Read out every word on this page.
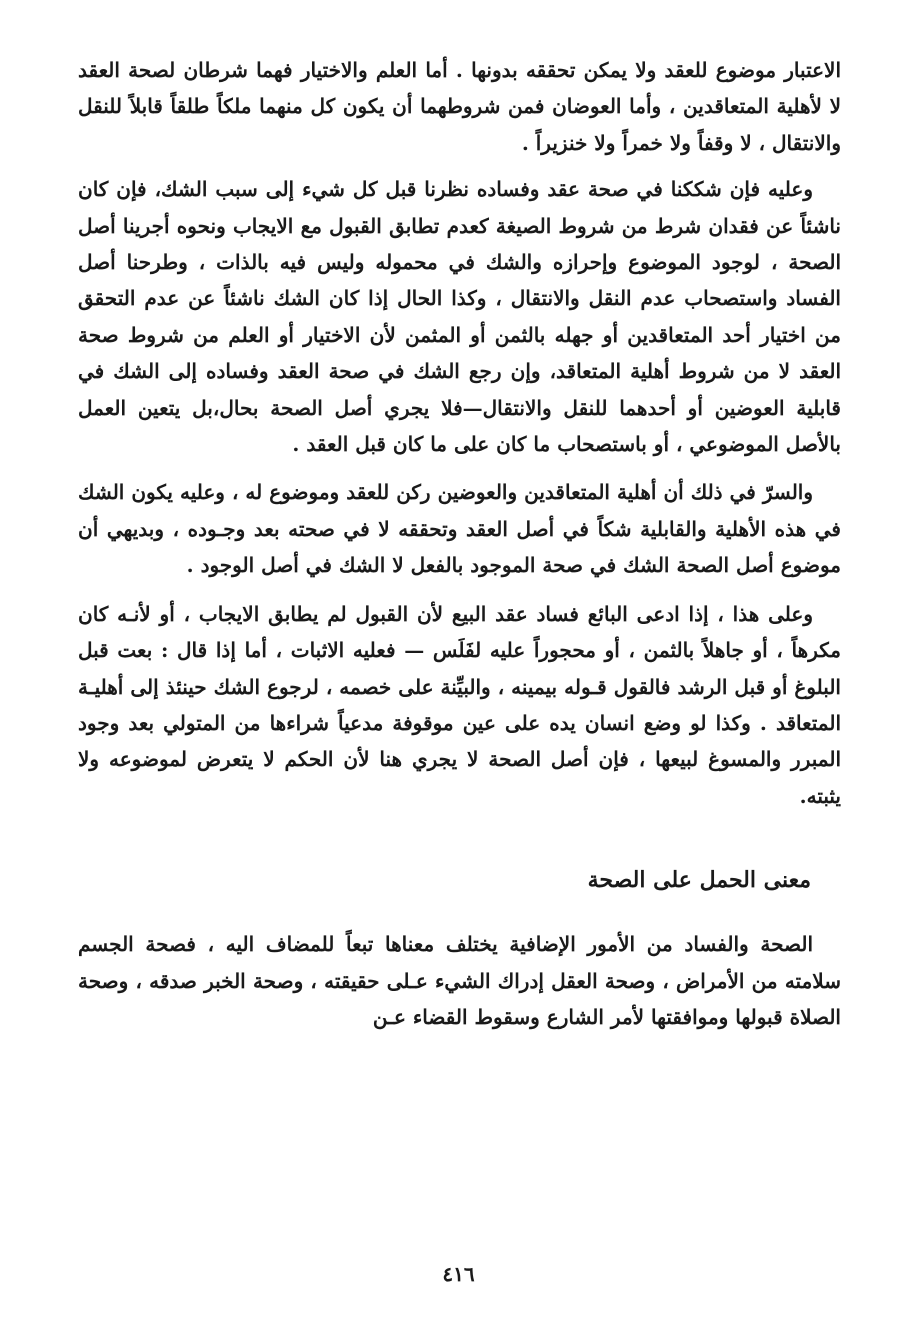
الاعتبار موضوع للعقد ولا يمكن تحققه بدونها . أما العلم والاختيار فهما شرطان لصحة العقد لا لأهلية المتعاقدين ، وأما العوضان فمن شروطهما أن يكون كل منهما ملكاً طلقاً قابلاً للنقل والانتقال ، لا وقفاً ولا خمراً ولا خنزيراً .

وعليه فإن شككنا في صحة عقد وفساده نظرنا قبل كل شيء إلى سبب الشك، فإن كان ناشئاً عن فقدان شرط من شروط الصيغة كعدم تطابق القبول مع الايجاب ونحوه أجرينا أصل الصحة ، لوجود الموضوع وإحرازه والشك في محموله وليس فيه بالذات ، وطرحنا أصل الفساد واستصحاب عدم النقل والانتقال ، وكذا الحال إذا كان الشك ناشئاً عن عدم التحقق من اختيار أحد المتعاقدين أو جهله بالثمن أو المثمن لأن الاختيار أو العلم من شروط صحة العقد لا من شروط أهلية المتعاقد، وإن رجع الشك في صحة العقد وفساده إلى الشك في قابلية العوضين أو أحدهما للنقل والانتقال—فلا يجري أصل الصحة بحال،بل يتعين العمل بالأصل الموضوعي ، أو باستصحاب ما كان على ما كان قبل العقد .

والسرّ في ذلك أن أهلية المتعاقدين والعوضين ركن للعقد وموضوع له ، وعليه يكون الشك في هذه الأهلية والقابلية شكاً في أصل العقد وتحققه لا في صحته بعد وجـوده ، وبديهي أن موضوع أصل الصحة الشك في صحة الموجود بالفعل لا الشك في أصل الوجود .

وعلى هذا ، إذا ادعى البائع فساد عقد البيع لأن القبول لم يطابق الايجاب ، أو لأنـه كان مكرهاً ، أو جاهلاً بالثمن ، أو محجوراً عليه لفَلَس — فعليه الاثبات ، أما إذا قال : بعت قبل البلوغ أو قبل الرشد فالقول قـوله بيمينه ، والبيِّنة على خصمه ، لرجوع الشك حينئذ إلى أهليـة المتعاقد . وكذا لو وضع انسان يده على عين موقوفة مدعياً شراءها من المتولي بعد وجود المبرر والمسوغ لبيعها ، فإن أصل الصحة لا يجري هنا لأن الحكم لا يتعرض لموضوعه ولا يثبته.

معنى الحمل على الصحة

الصحة والفساد من الأمور الإضافية يختلف معناها تبعاً للمضاف اليه ، فصحة الجسم سلامته من الأمراض ، وصحة العقل إدراك الشيء عـلى حقيقته ، وصحة الخبر صدقه ، وصحة الصلاة قبولها وموافقتها لأمر الشارع وسقوط القضاء عـن

٤١٦
